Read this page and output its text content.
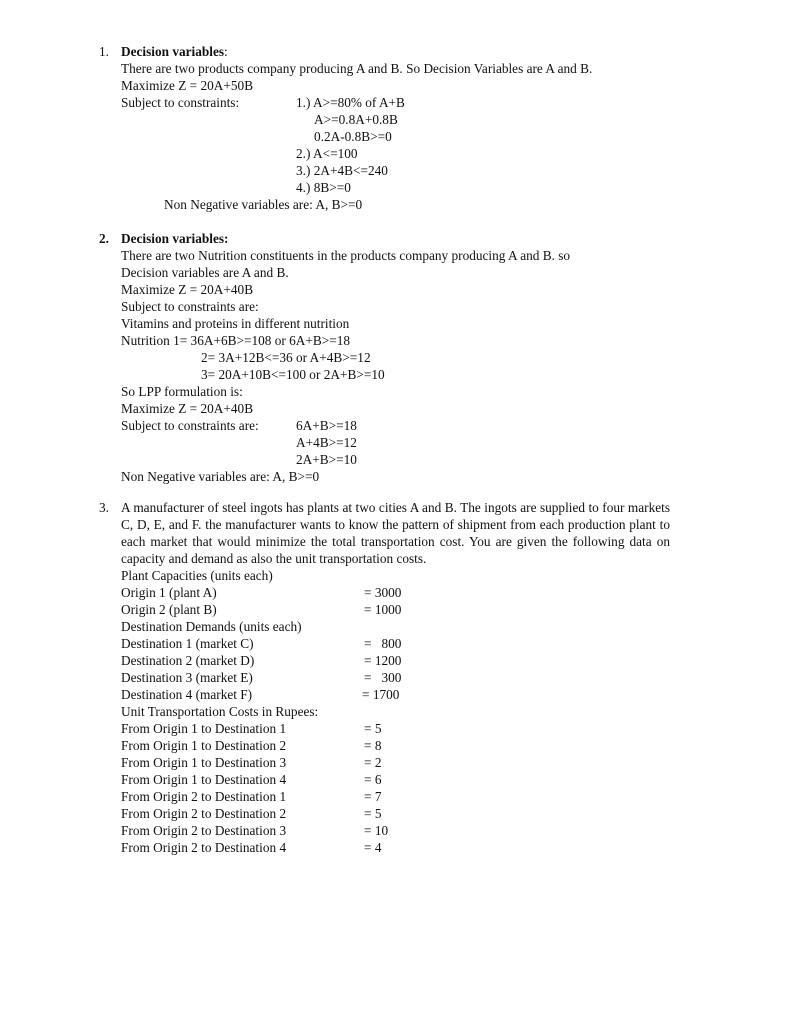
1. Decision variables:
There are two products company producing A and B. So Decision Variables are A and B.
Maximize Z = 20A+50B
Subject to constraints:	1.) A>=80% of A+B
A>=0.8A+0.8B
0.2A-0.8B>=0
2.) A<=100
3.) 2A+4B<=240
4.) 8B>=0
Non Negative variables are: A, B>=0
2. Decision variables:
There are two Nutrition constituents in the products company producing A and B. so
Decision variables are A and B.
Maximize Z = 20A+40B
Subject to constraints are:
Vitamins and proteins in different nutrition
Nutrition 1= 36A+6B>=108 or 6A+B>=18
2= 3A+12B<=36 or A+4B>=12
3= 20A+10B<=100 or 2A+B>=10
So LPP formulation is:
Maximize Z = 20A+40B
Subject to constraints are:	6A+B>=18
A+4B>=12
2A+B>=10
Non Negative variables are: A, B>=0
3. A manufacturer of steel ingots has plants at two cities A and B. The ingots are supplied to four markets C, D, E, and F. the manufacturer wants to know the pattern of shipment from each production plant to each market that would minimize the total transportation cost. You are given the following data on capacity and demand as also the unit transportation costs.
Plant Capacities (units each)
Origin 1 (plant A)	= 3000
Origin 2 (plant B)	= 1000
Destination Demands (units each)
Destination 1 (market C)	=   800
Destination 2 (market D)	= 1200
Destination 3 (market E)	=   300
Destination 4 (market F)	= 1700
Unit Transportation Costs in Rupees:
From Origin 1 to Destination 1	= 5
From Origin 1 to Destination 2	= 8
From Origin 1 to Destination 3	= 2
From Origin 1 to Destination 4	= 6
From Origin 2 to Destination 1	= 7
From Origin 2 to Destination 2	= 5
From Origin 2 to Destination 3	= 10
From Origin 2 to Destination 4	= 4
